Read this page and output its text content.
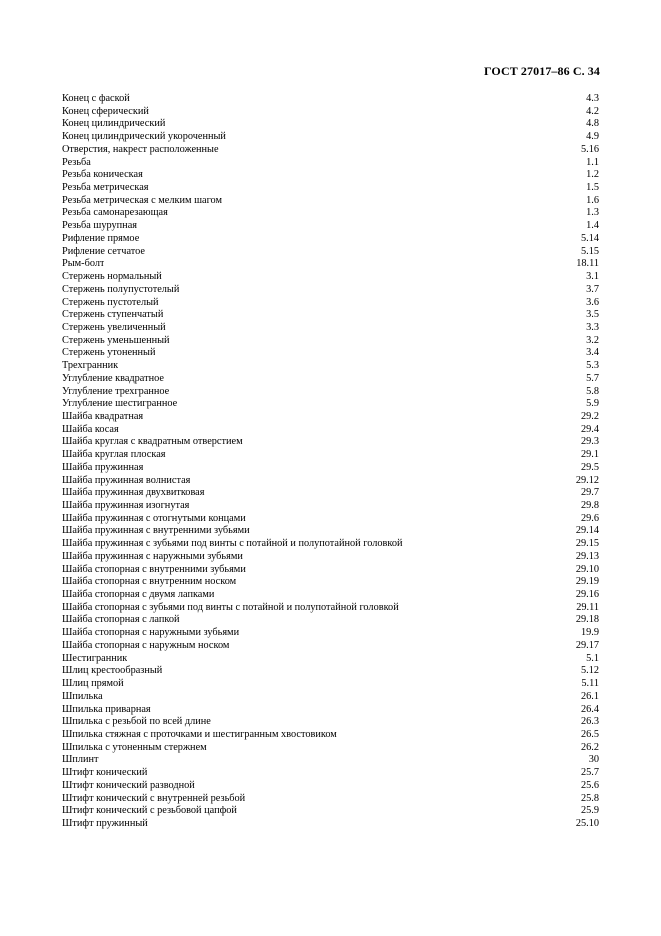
ГОСТ 27017–86 С. 34
Конец с фаской	4.3
Конец сферический	4.2
Конец цилиндрический	4.8
Конец цилиндрический укороченный	4.9
Отверстия, накрест расположенные	5.16
Резьба	1.1
Резьба коническая	1.2
Резьба метрическая	1.5
Резьба метрическая с мелким шагом	1.6
Резьба самонарезающая	1.3
Резьба шурупная	1.4
Рифление прямое	5.14
Рифление сетчатое	5.15
Рым-болт	18.11
Стержень нормальный	3.1
Стержень полупустотелый	3.7
Стержень пустотелый	3.6
Стержень ступенчатый	3.5
Стержень увеличенный	3.3
Стержень уменьшенный	3.2
Стержень утоненный	3.4
Трехгранник	5.3
Углубление квадратное	5.7
Углубление трехгранное	5.8
Углубление шестигранное	5.9
Шайба квадратная	29.2
Шайба косая	29.4
Шайба круглая с квадратным отверстием	29.3
Шайба круглая плоская	29.1
Шайба пружинная	29.5
Шайба пружинная волнистая	29.12
Шайба пружинная двухвитковая	29.7
Шайба пружинная изогнутая	29.8
Шайба пружинная с отогнутыми концами	29.6
Шайба пружинная с внутренними зубьями	29.14
Шайба пружинная с зубьями под винты с потайной и полупотайной головкой	29.15
Шайба пружинная с наружными зубьями	29.13
Шайба стопорная с внутренними зубьями	29.10
Шайба стопорная с внутренним носком	29.19
Шайба стопорная с двумя лапками	29.16
Шайба стопорная с зубьями под винты с потайной и полупотайной головкой	29.11
Шайба стопорная с лапкой	29.18
Шайба стопорная с наружными зубьями	19.9
Шайба стопорная с наружным носком	29.17
Шестигранник	5.1
Шлиц крестообразный	5.12
Шлиц прямой	5.11
Шпилька	26.1
Шпилька приварная	26.4
Шпилька с резьбой по всей длине	26.3
Шпилька стяжная с проточками и шестигранным хвостовиком	26.5
Шпилька с утоненным стержнем	26.2
Шплинт	30
Штифт конический	25.7
Штифт конический разводной	25.6
Штифт конический с внутренней резьбой	25.8
Штифт конический с резьбовой цапфой	25.9
Штифт пружинный	25.10
